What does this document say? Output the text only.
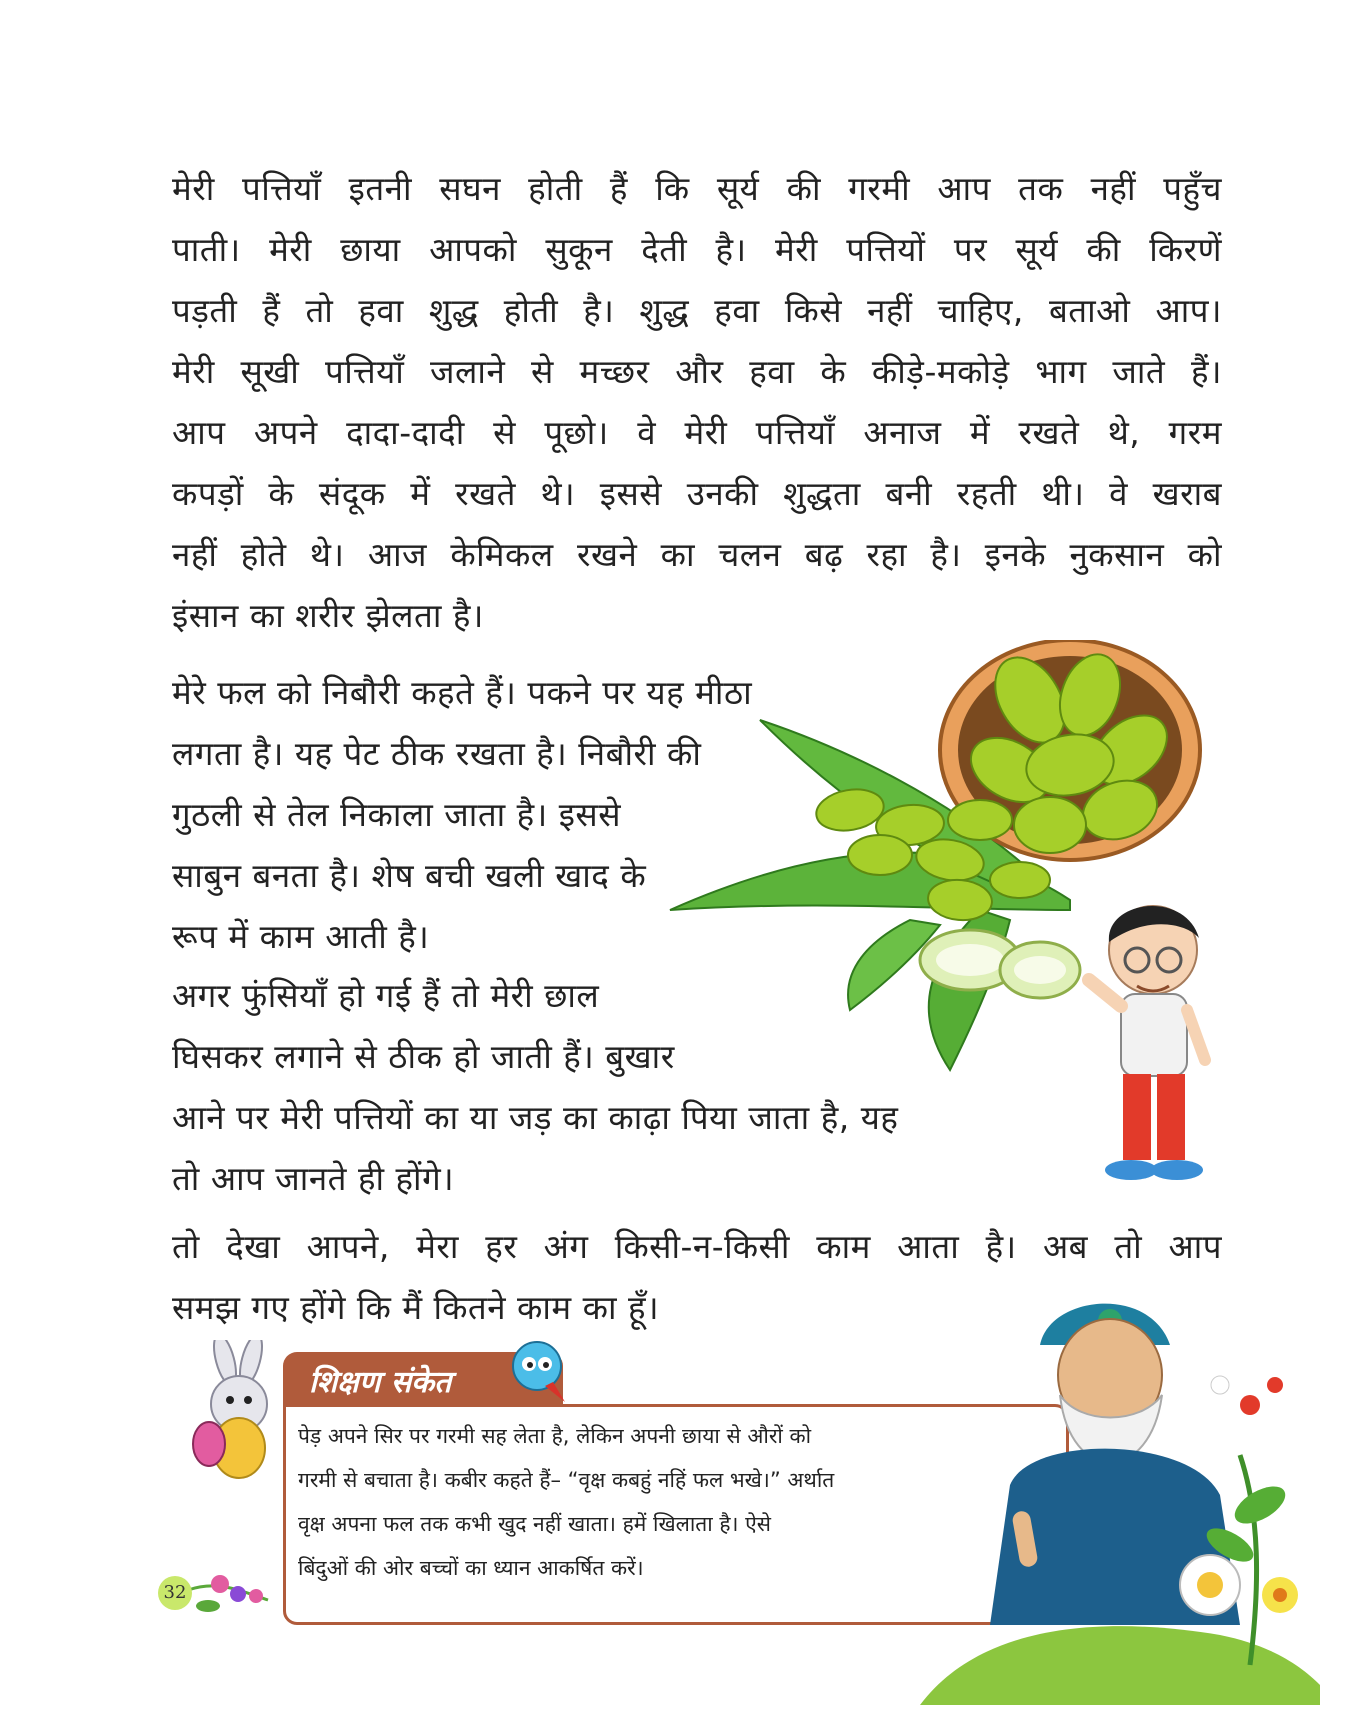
मेरी पत्तियाँ इतनी सघन होती हैं कि सूर्य की गरमी आप तक नहीं पहुँच
पाती। मेरी छाया आपको सुकून देती है। मेरी पत्तियों पर सूर्य की किरणें
पड़ती हैं तो हवा शुद्ध होती है। शुद्ध हवा किसे नहीं चाहिए, बताओ आप।
मेरी सूखी पत्तियाँ जलाने से मच्छर और हवा के कीड़े-मकोड़े भाग जाते हैं।
आप अपने दादा-दादी से पूछो। वे मेरी पत्तियाँ अनाज में रखते थे, गरम
कपड़ों के संदूक में रखते थे। इससे उनकी शुद्धता बनी रहती थी। वे खराब
नहीं होते थे। आज केमिकल रखने का चलन बढ़ रहा है। इनके नुकसान को
इंसान का शरीर झेलता है।
मेरे फल को निबौरी कहते हैं। पकने पर यह मीठा
लगता है। यह पेट ठीक रखता है। निबौरी की
गुठली से तेल निकाला जाता है। इससे
साबुन बनता है। शेष बची खली खाद के
रूप में काम आती है।
अगर फुंसियाँ हो गई हैं तो मेरी छाल
घिसकर लगाने से ठीक हो जाती हैं। बुखार
आने पर मेरी पत्तियों का या जड़ का काढ़ा पिया जाता है, यह
तो आप जानते ही होंगे।
तो देखा आपने, मेरा हर अंग किसी-न-किसी काम आता है। अब तो आप
समझ गए होंगे कि मैं कितने काम का हूँ।
शिक्षण संकेत
पेड़ अपने सिर पर गरमी सह लेता है, लेकिन अपनी छाया से औरों को
गरमी से बचाता है। कबीर कहते हैं– “वृक्ष कबहुं नहिं फल भखे।” अर्थात
वृक्ष अपना फल तक कभी खुद नहीं खाता। हमें खिलाता है। ऐसे
बिंदुओं की ओर बच्चों का ध्यान आकर्षित करें।
32
